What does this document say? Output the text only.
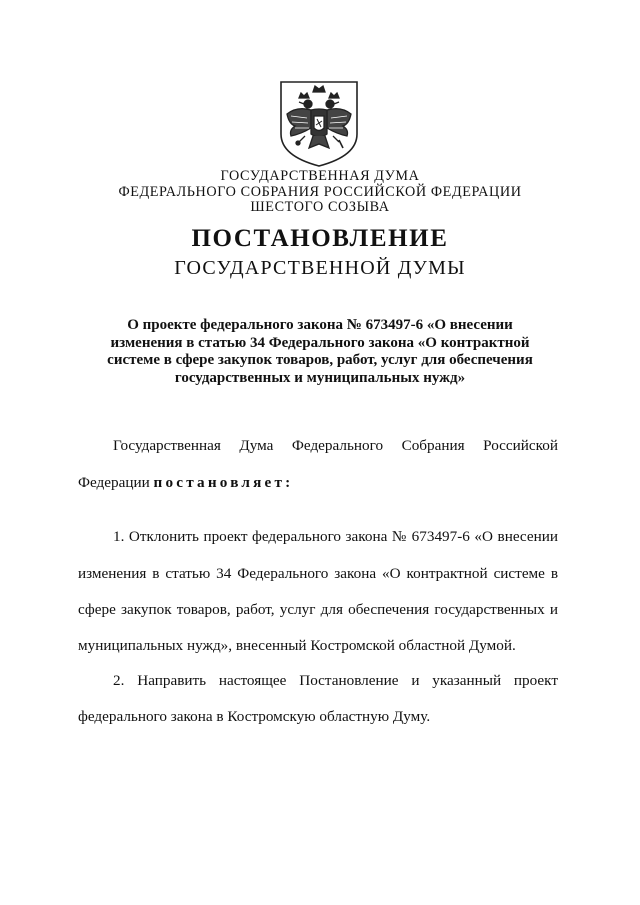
ГОСУДАРСТВЕННАЯ ДУМА
ФЕДЕРАЛЬНОГО СОБРАНИЯ РОССИЙСКОЙ ФЕДЕРАЦИИ
ШЕСТОГО СОЗЫВА
ПОСТАНОВЛЕНИЕ
ГОСУДАРСТВЕННОЙ ДУМЫ
О проекте федерального закона № 673497-6 «О внесении
изменения в статью 34 Федерального закона «О контрактной
системе в сфере закупок товаров, работ, услуг для обеспечения
государственных и муниципальных нужд»
Государственная Дума Федерального Собрания Российской
Федерации постановляет:
1. Отклонить проект федерального закона № 673497-6 «О внесении
изменения в статью 34 Федерального закона «О контрактной системе в
сфере закупок товаров, работ, услуг для обеспечения государственных и
муниципальных нужд», внесенный Костромской областной Думой.
2. Направить настоящее Постановление и указанный проект
федерального закона в Костромскую областную Думу.
